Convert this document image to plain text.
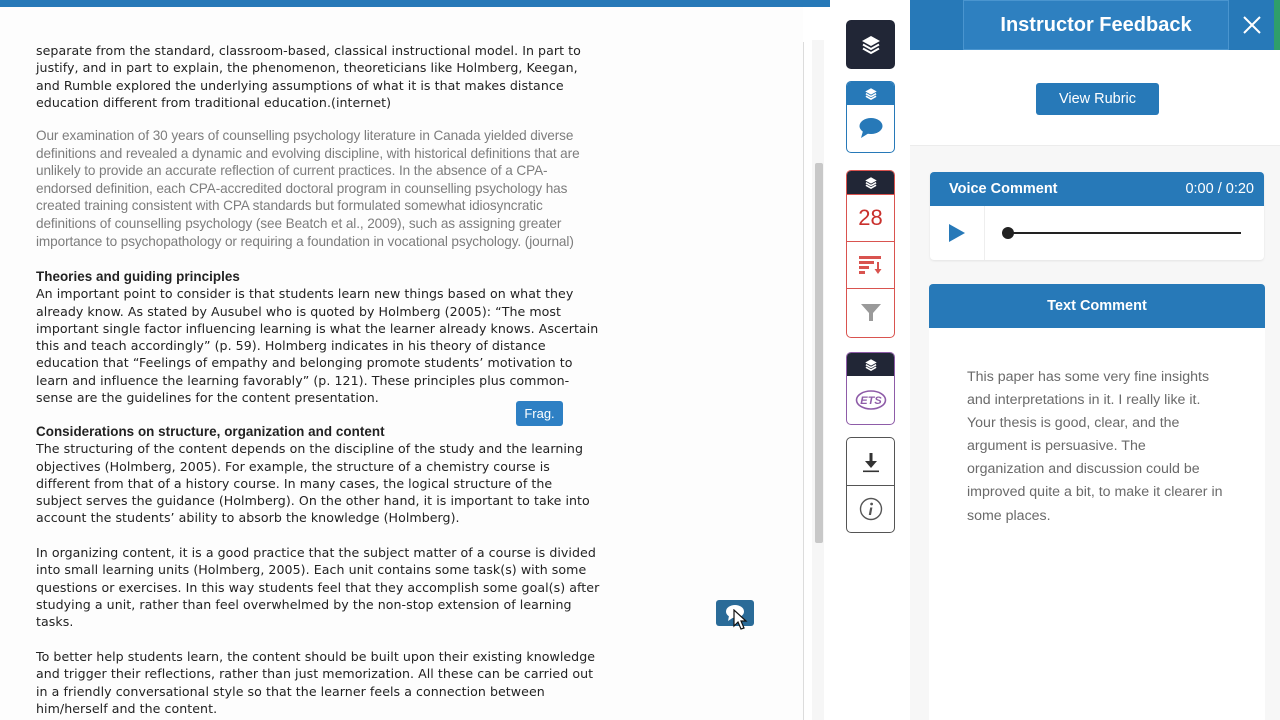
separate from the standard, classroom-based, classical instructional model. In part to
justify, and in part to explain, the phenomenon, theoreticians like Holmberg, Keegan,
and Rumble explored the underlying assumptions of what it is that makes distance
education different from traditional education.(internet)
Our examination of 30 years of counselling psychology literature in Canada yielded diverse
definitions and revealed a dynamic and evolving discipline, with historical definitions that are
unlikely to provide an accurate reflection of current practices. In the absence of a CPA-
endorsed definition, each CPA-accredited doctoral program in counselling psychology has
created training consistent with CPA standards but formulated somewhat idiosyncratic
definitions of counselling psychology (see Beatch et al., 2009), such as assigning greater
importance to psychopathology or requiring a foundation in vocational psychology. (journal)
Theories and guiding principles
An important point to consider is that students learn new things based on what they
already know. As stated by Ausubel who is quoted by Holmberg (2005): “The most
important single factor influencing learning is what the learner already knows. Ascertain
this and teach accordingly” (p. 59). Holmberg indicates in his theory of distance
education that “Feelings of empathy and belonging promote students’ motivation to
learn and influence the learning favorably” (p. 121). These principles plus common-
sense are the guidelines for the content presentation.
Considerations on structure, organization and content
The structuring of the content depends on the discipline of the study and the learning
objectives (Holmberg, 2005). For example, the structure of a chemistry course is
different from that of a history course. In many cases, the logical structure of the
subject serves the guidance (Holmberg). On the other hand, it is important to take into
account the students’ ability to absorb the knowledge (Holmberg).
In organizing content, it is a good practice that the subject matter of a course is divided
into small learning units (Holmberg, 2005). Each unit contains some task(s) with some
questions or exercises. In this way students feel that they accomplish some goal(s) after
studying a unit, rather than feel overwhelmed by the non-stop extension of learning
tasks.
To better help students learn, the content should be built upon their existing knowledge
and trigger their reflections, rather than just memorization. All these can be carried out
in a friendly conversational style so that the learner feels a connection between
him/herself and the content.
Frag.
28
ETS
Instructor Feedback
View Rubric
Voice Comment	0:00 / 0:20
Text Comment
This paper has some very fine insights and interpretations in it. I really like it. Your thesis is good, clear, and the argument is persuasive. The organization and discussion could be improved quite a bit, to make it clearer in some places.
